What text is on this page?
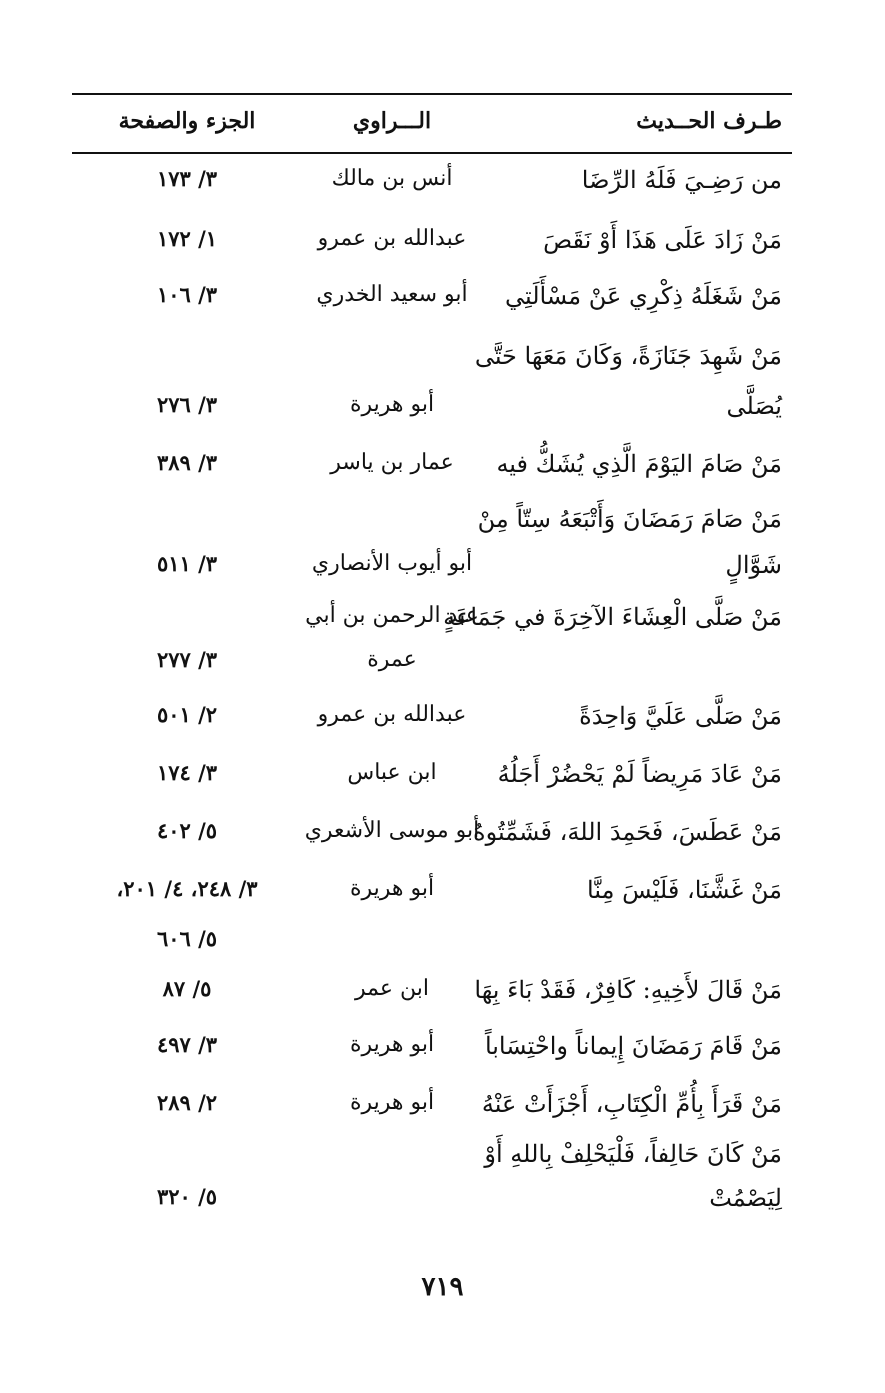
طـرف الحــديث
الـــراوي
الجزء والصفحة
من رَضِـيَ فَلَهُ الرِّضَا
أنس بن مالك
٣/ ١٧٣
مَنْ زَادَ عَلَى هَذَا أَوْ نَقَصَ
عبدالله بن عمرو
١/ ١٧٢
مَنْ شَغَلَهُ ذِكْرِي عَنْ مَسْأَلَتِي
أبو سعيد الخدري
٣/ ١٠٦
مَنْ شَهِدَ جَنَازَةً، وَكَانَ مَعَهَا حَتَّى
يُصَلَّى
أبو هريرة
٣/ ٢٧٦
مَنْ صَامَ اليَوْمَ الَّذِي يُشَكُّ فيه
عمار بن ياسر
٣/ ٣٨٩
مَنْ صَامَ رَمَضَانَ وَأَتْبَعَهُ سِتّاً مِنْ
شَوَّالٍ
أبو أيوب الأنصاري
٣/ ٥١١
مَنْ صَلَّى الْعِشَاءَ الآخِرَةَ في جَمَاعَةٍ
عبد الرحمن بن أبي
عمرة
٣/ ٢٧٧
مَنْ صَلَّى عَلَيَّ وَاحِدَةً
عبدالله بن عمرو
٢/ ٥٠١
مَنْ عَادَ مَرِيضاً لَمْ يَحْضُرْ أَجَلُهُ
ابن عباس
٣/ ١٧٤
مَنْ عَطَسَ، فَحَمِدَ اللهَ، فَشَمِّتُوهُ
أبو موسى الأشعري
٥/ ٤٠٢
مَنْ غَشَّنَا، فَلَيْسَ مِنَّا
أبو هريرة
٣/ ٢٤٨، ٤/ ٢٠١،
٥/ ٦٠٦
مَنْ قَالَ لأَخِيهِ: كَافِرٌ، فَقَدْ بَاءَ بِهَا
ابن عمر
٥/ ٨٧
مَنْ قَامَ رَمَضَانَ إِيماناً واحْتِسَاباً
أبو هريرة
٣/ ٤٩٧
مَنْ قَرَأَ بِأُمِّ الْكِتَابِ، أَجْزَأَتْ عَنْهُ
أبو هريرة
٢/ ٢٨٩
مَنْ كَانَ حَالِفاً، فَلْيَحْلِفْ بِاللهِ أَوْ
لِيَصْمُتْ
٥/ ٣٢٠
٧١٩
